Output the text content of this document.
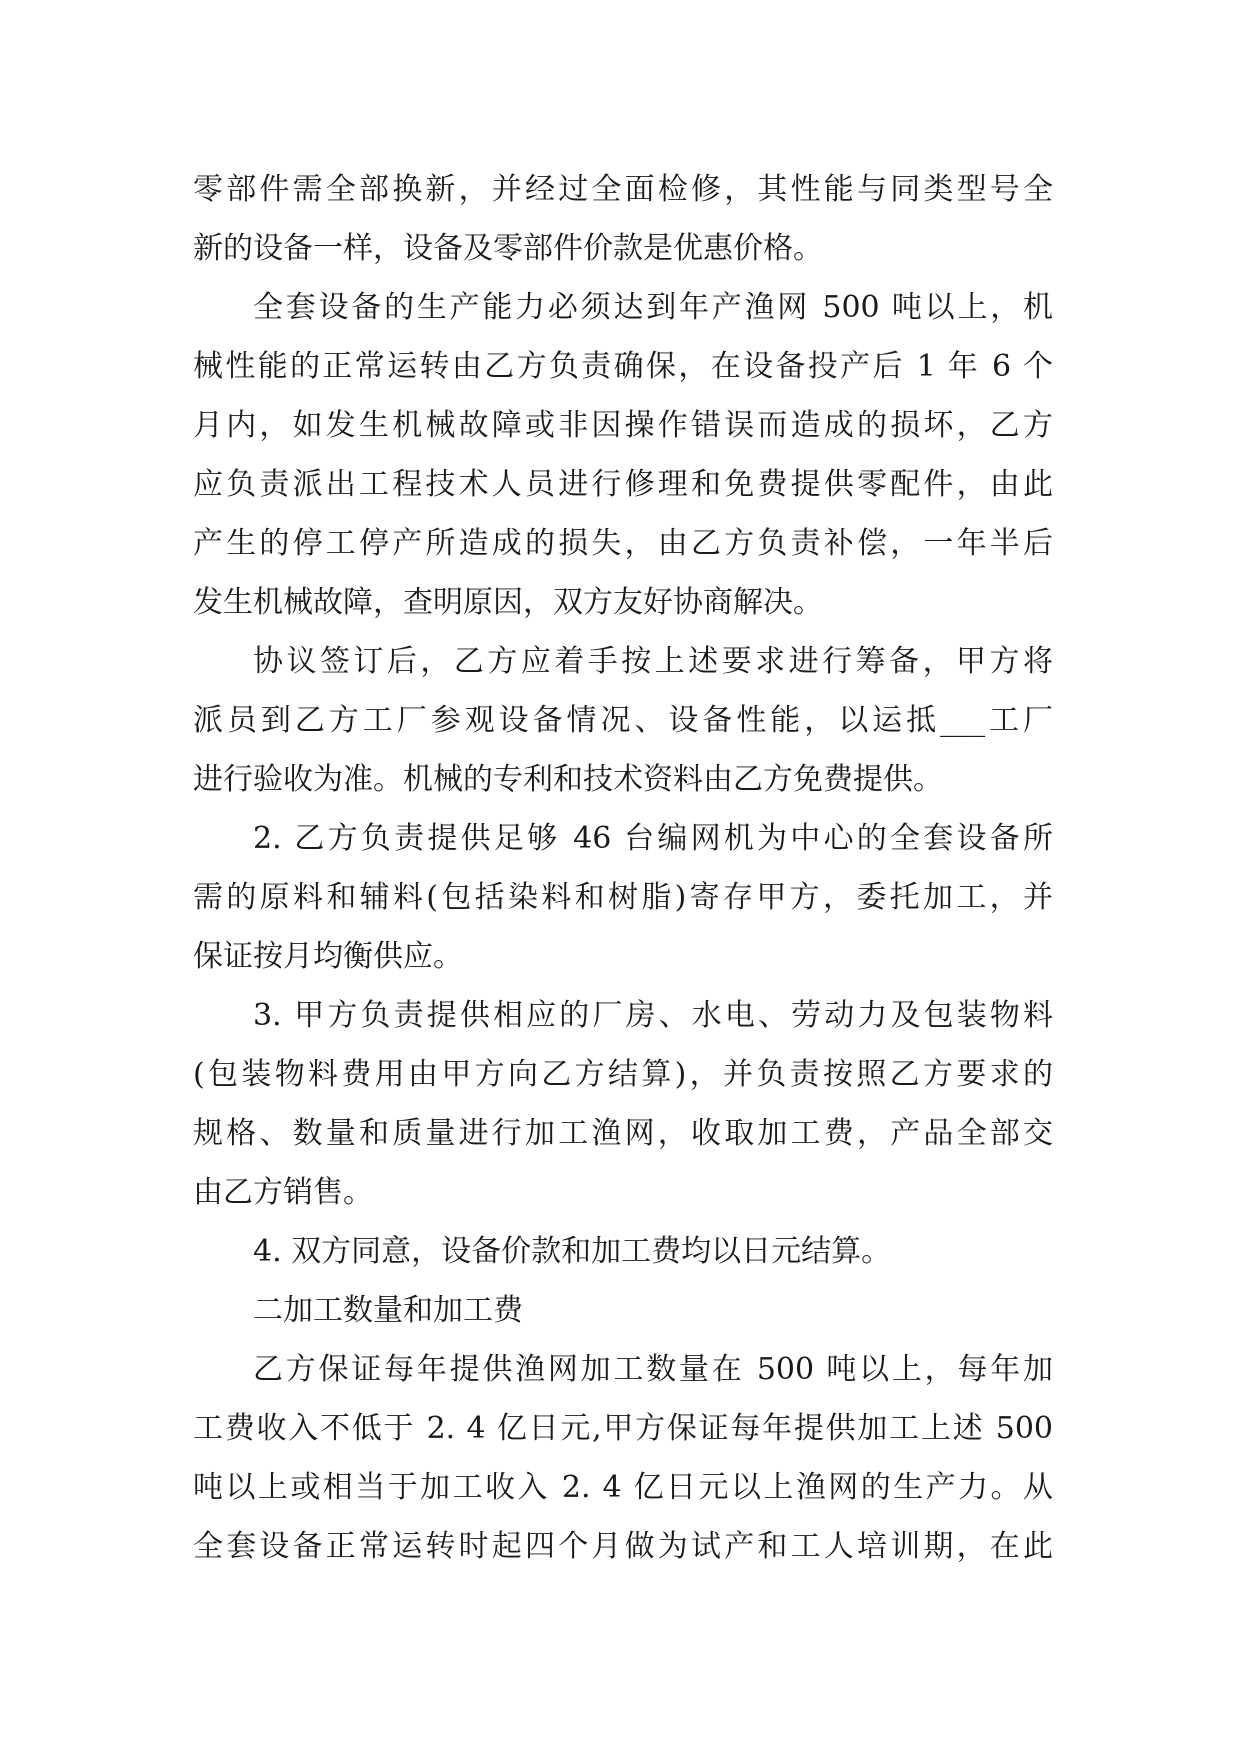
零部件需全部换新，并经过全面检修，其性能与同类型号全
新的设备一样，设备及零部件价款是优惠价格。
全套设备的生产能力必须达到年产渔网 500 吨以上，机
械性能的正常运转由乙方负责确保，在设备投产后 1 年 6 个
月内，如发生机械故障或非因操作错误而造成的损坏，乙方
应负责派出工程技术人员进行修理和免费提供零配件，由此
产生的停工停产所造成的损失，由乙方负责补偿，一年半后
发生机械故障，查明原因，双方友好协商解决。
协议签订后，乙方应着手按上述要求进行筹备，甲方将
派员到乙方工厂参观设备情况、设备性能，以运抵___工厂
进行验收为准。机械的专利和技术资料由乙方免费提供。
2. 乙方负责提供足够 46 台编网机为中心的全套设备所
需的原料和辅料(包括染料和树脂)寄存甲方，委托加工，并
保证按月均衡供应。
3. 甲方负责提供相应的厂房、水电、劳动力及包装物料
(包装物料费用由甲方向乙方结算)，并负责按照乙方要求的
规格、数量和质量进行加工渔网，收取加工费，产品全部交
由乙方销售。
4. 双方同意，设备价款和加工费均以日元结算。
二加工数量和加工费
乙方保证每年提供渔网加工数量在 500 吨以上，每年加
工费收入不低于 2. 4 亿日元,甲方保证每年提供加工上述 500
吨以上或相当于加工收入 2. 4 亿日元以上渔网的生产力。从
全套设备正常运转时起四个月做为试产和工人培训期，在此
